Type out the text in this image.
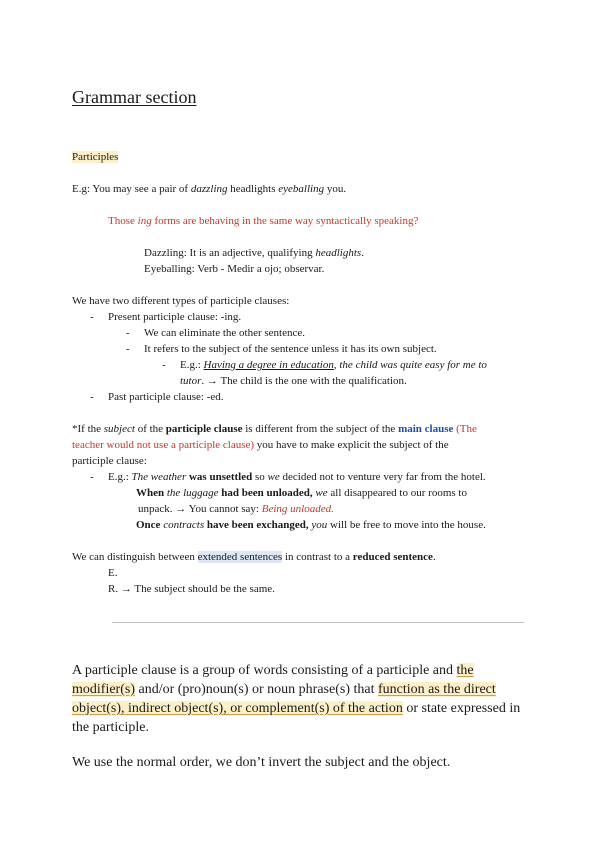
Grammar section
Participles
E.g: You may see a pair of dazzling headlights eyeballing you.
Those ing forms are behaving in the same way syntactically speaking?
Dazzling: It is an adjective, qualifying headlights.
Eyeballing: Verb - Medir a ojo; observar.
We have two different types of participle clauses:
- Present participle clause: -ing.
- We can eliminate the other sentence.
- It refers to the subject of the sentence unless it has its own subject.
- E.g.: Having a degree in education, the child was quite easy for me to
tutor. → The child is the one with the qualification.
- Past participle clause: -ed.
*If the subject of the participle clause is different from the subject of the main clause (The
teacher would not use a participle clause) you have to make explicit the subject of the
participle clause:
- E.g.: The weather was unsettled so we decided not to venture very far from the hotel.
When the luggage had been unloaded, we all disappeared to our rooms to
unpack. → You cannot say: Being unloaded.
Once contracts have been exchanged, you will be free to move into the house.
We can distinguish between extended sentences in contrast to a reduced sentence.
E.
R. → The subject should be the same.
A participle clause is a group of words consisting of a participle and the
modifier(s) and/or (pro)noun(s) or noun phrase(s) that function as the direct
object(s), indirect object(s), or complement(s) of the action or state expressed in
the participle.
We use the normal order, we don’t invert the subject and the object.
